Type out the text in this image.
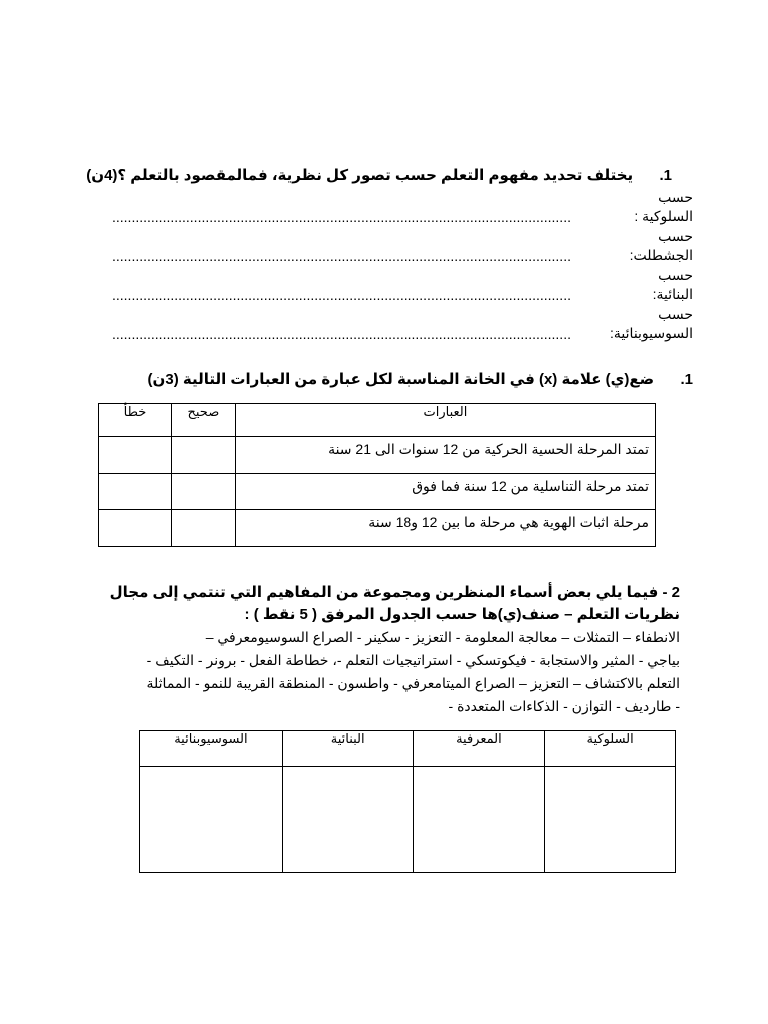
1.  يختلف تحديد مفهوم التعلم حسب تصور كل نظرية، فمالمقصود بالتعلم ؟(4ن)
حسب
السلوكية :
......................................................................................................................
حسب
الجشطلت:
......................................................................................................................
حسب
البنائية:
......................................................................................................................
حسب
السوسيوبنائية:
......................................................................................................................
1.  ضع(ي) علامة (x) في الخانة المناسبة لكل عبارة من العبارات التالية (3ن)
العبارات	صحيح	خطأ
تمتد المرحلة الحسية الحركية من 12 سنوات الى 21 سنة		
تمتد مرحلة التناسلية من 12 سنة فما فوق		
مرحلة اثبات الهوية هي مرحلة ما بين 12 و18 سنة		
2 - فيما يلي بعض أسماء المنظرين ومجموعة من المفاهيم التي تنتمي إلى مجال
نظريات التعلم – صنف(ي)ها حسب الجدول المرفق ( 5 نقط ) :
الانطفاء – التمثلات – معالجة المعلومة - التعزيز - سكينر - الصراع السوسيومعرفي –
بياجي - المثير والاستجابة - فيكوتسكي - استراتيجيات التعلم -، خطاطة الفعل - برونر - التكيف -
التعلم بالاكتشاف – التعزيز – الصراع الميتامعرفي - واطسون - المنطقة القريبة للنمو - المماثلة
- طارديف - التوازن - الذكاءات المتعددة -
السلوكية	المعرفية	البنائية	السوسيوبنائية
